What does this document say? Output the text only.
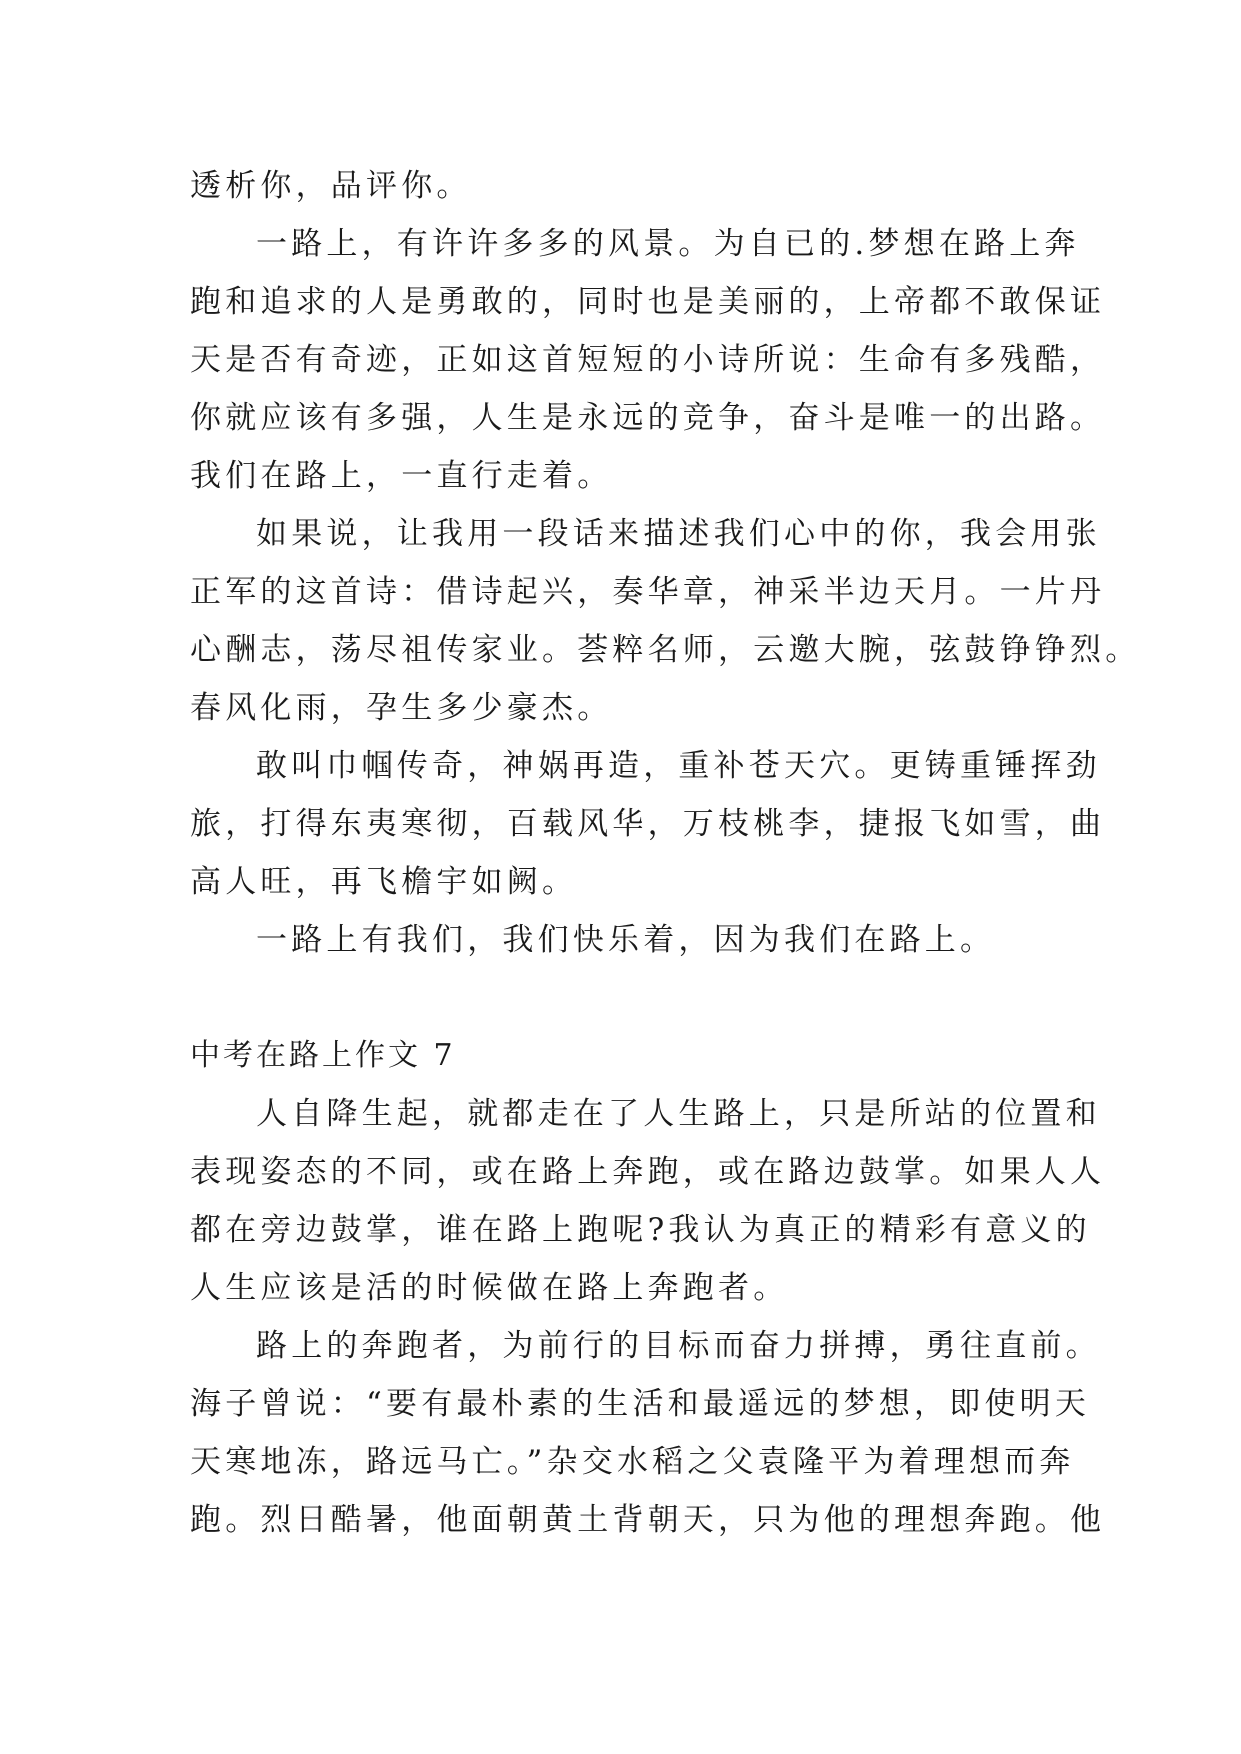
透析你，品评你。
一路上，有许许多多的风景。为自已的.梦想在路上奔
跑和追求的人是勇敢的，同时也是美丽的，上帝都不敢保证
天是否有奇迹，正如这首短短的小诗所说：生命有多残酷，
你就应该有多强，人生是永远的竞争，奋斗是唯一的出路。
我们在路上，一直行走着。
如果说，让我用一段话来描述我们心中的你，我会用张
正军的这首诗：借诗起兴，奏华章，神采半边天月。一片丹
心酬志，荡尽祖传家业。荟粹名师，云邀大腕，弦鼓铮铮烈。
春风化雨，孕生多少豪杰。
敢叫巾帼传奇，神娲再造，重补苍天穴。更铸重锤挥劲
旅，打得东夷寒彻，百载风华，万枝桃李，捷报飞如雪，曲
高人旺，再飞檐宇如阙。
一路上有我们，我们快乐着，因为我们在路上。
中考在路上作文 7
人自降生起，就都走在了人生路上，只是所站的位置和
表现姿态的不同，或在路上奔跑，或在路边鼓掌。如果人人
都在旁边鼓掌，谁在路上跑呢?我认为真正的精彩有意义的
人生应该是活的时候做在路上奔跑者。
路上的奔跑者，为前行的目标而奋力拼搏，勇往直前。
海子曾说：“要有最朴素的生活和最遥远的梦想，即使明天
天寒地冻，路远马亡。”杂交水稻之父袁隆平为着理想而奔
跑。烈日酷暑，他面朝黄土背朝天，只为他的理想奔跑。他
